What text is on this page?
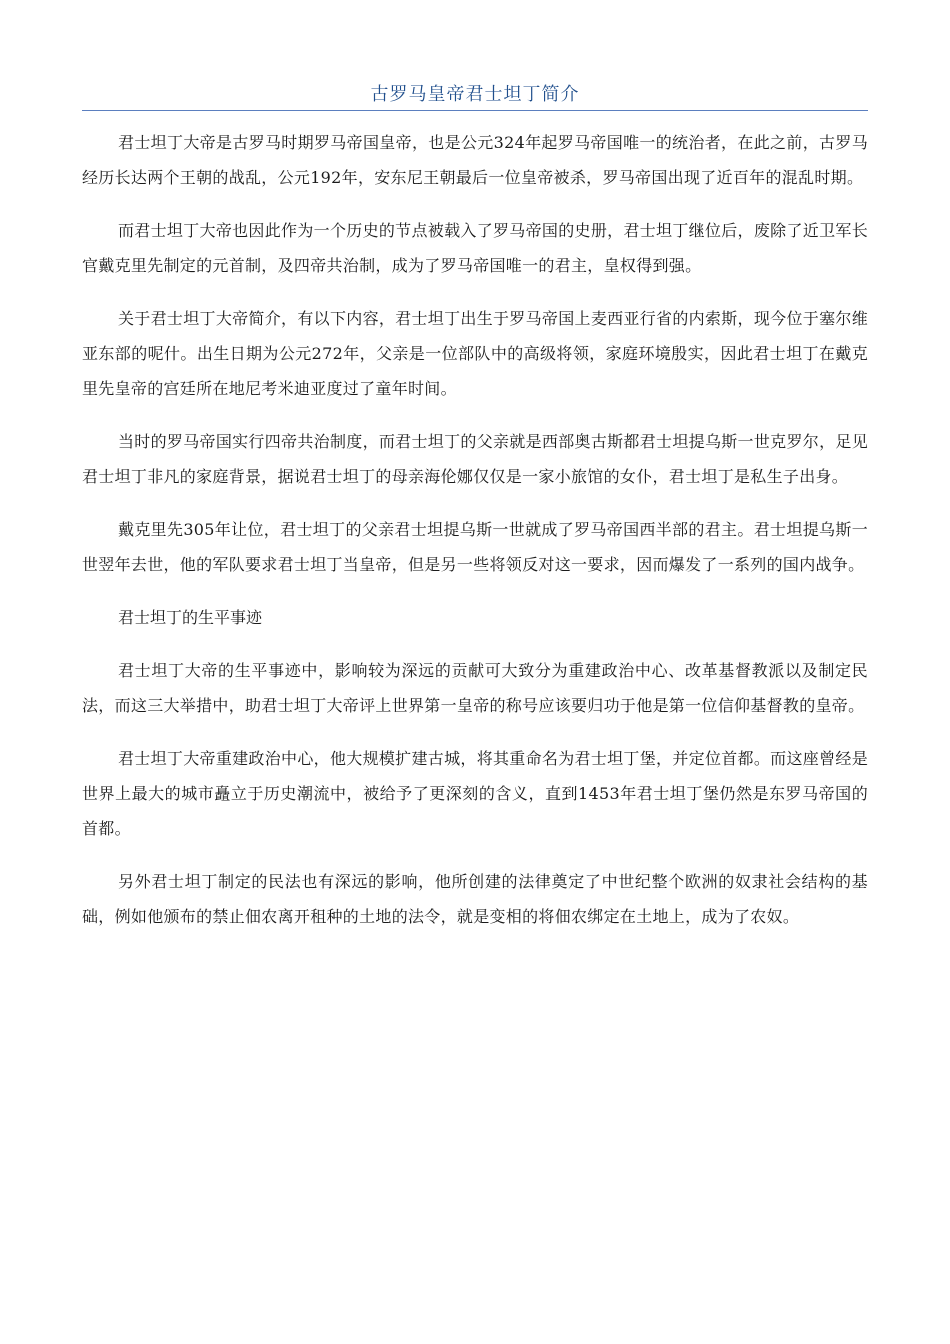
古罗马皇帝君士坦丁简介

君士坦丁大帝是古罗马时期罗马帝国皇帝，也是公元324年起罗马帝国唯一的统治者，在此之前，古罗马经历长达两个王朝的战乱，公元192年，安东尼王朝最后一位皇帝被杀，罗马帝国出现了近百年的混乱时期。

而君士坦丁大帝也因此作为一个历史的节点被载入了罗马帝国的史册，君士坦丁继位后，废除了近卫军长官戴克里先制定的元首制，及四帝共治制，成为了罗马帝国唯一的君主，皇权得到强。

关于君士坦丁大帝简介，有以下内容，君士坦丁出生于罗马帝国上麦西亚行省的内索斯，现今位于塞尔维亚东部的呢什。出生日期为公元272年，父亲是一位部队中的高级将领，家庭环境殷实，因此君士坦丁在戴克里先皇帝的宫廷所在地尼考米迪亚度过了童年时间。

当时的罗马帝国实行四帝共治制度，而君士坦丁的父亲就是西部奥古斯都君士坦提乌斯一世克罗尔，足见君士坦丁非凡的家庭背景，据说君士坦丁的母亲海伦娜仅仅是一家小旅馆的女仆，君士坦丁是私生子出身。

戴克里先305年让位，君士坦丁的父亲君士坦提乌斯一世就成了罗马帝国西半部的君主。君士坦提乌斯一世翌年去世，他的军队要求君士坦丁当皇帝，但是另一些将领反对这一要求，因而爆发了一系列的国内战争。

君士坦丁的生平事迹

君士坦丁大帝的生平事迹中，影响较为深远的贡献可大致分为重建政治中心、改革基督教派以及制定民法，而这三大举措中，助君士坦丁大帝评上世界第一皇帝的称号应该要归功于他是第一位信仰基督教的皇帝。

君士坦丁大帝重建政治中心，他大规模扩建古城，将其重命名为君士坦丁堡，并定位首都。而这座曾经是世界上最大的城市矗立于历史潮流中，被给予了更深刻的含义，直到1453年君士坦丁堡仍然是东罗马帝国的首都。

另外君士坦丁制定的民法也有深远的影响，他所创建的法律奠定了中世纪整个欧洲的奴隶社会结构的基础，例如他颁布的禁止佃农离开租种的土地的法令，就是变相的将佃农绑定在土地上，成为了农奴。
